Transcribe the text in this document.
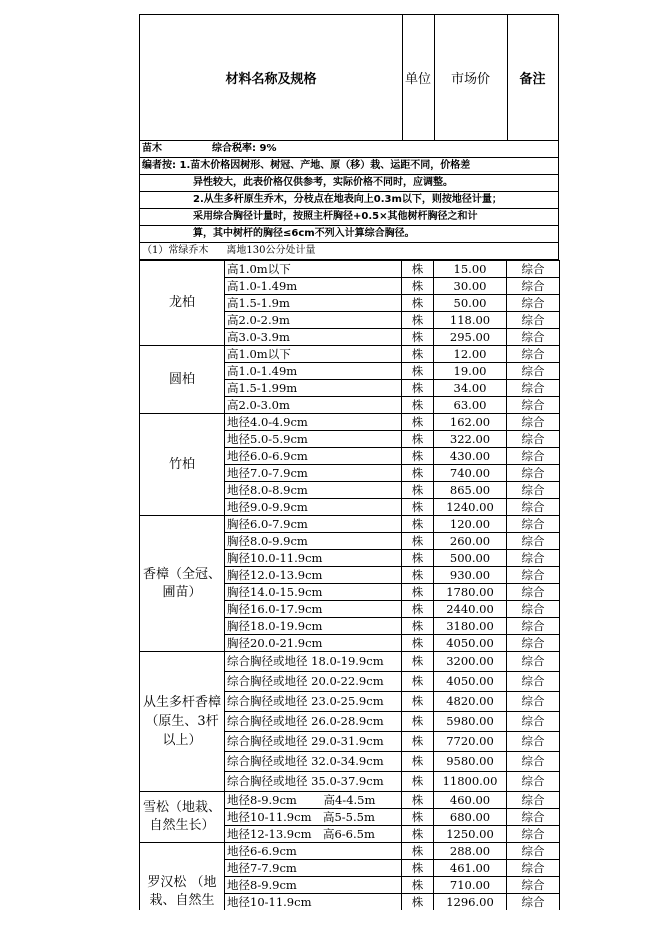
材料名称及规格	单位	市场价	备注
苗木	综合税率: 9%
编者按: 1.苗木价格因树形、树冠、产地、原（移）栽、运距不同，价格差
异性较大，此表价格仅供参考，实际价格不同时，应调整。
2.从生多杆原生乔木，分枝点在地表向上0.3m以下，则按地径计量；
采用综合胸径计量时，按照主杆胸径+0.5×其他树杆胸径之和计
算，其中树杆的胸径≤6cm不列入计算综合胸径。
（1）常绿乔木 离地130公分处计量
龙柏	高1.0m以下	株	15.00	综合
	高1.0-1.49m	株	30.00	综合
	高1.5-1.9m	株	50.00	综合
	高2.0-2.9m	株	118.00	综合
	高3.0-3.9m	株	295.00	综合
圆柏	高1.0m以下	株	12.00	综合
	高1.0-1.49m	株	19.00	综合
	高1.5-1.99m	株	34.00	综合
	高2.0-3.0m	株	63.00	综合
竹柏	地径4.0-4.9cm	株	162.00	综合
	地径5.0-5.9cm	株	322.00	综合
	地径6.0-6.9cm	株	430.00	综合
	地径7.0-7.9cm	株	740.00	综合
	地径8.0-8.9cm	株	865.00	综合
	地径9.0-9.9cm	株	1240.00	综合
香樟（全冠、圃苗）	胸径6.0-7.9cm	株	120.00	综合
	胸径8.0-9.9cm	株	260.00	综合
	胸径10.0-11.9cm	株	500.00	综合
	胸径12.0-13.9cm	株	930.00	综合
	胸径14.0-15.9cm	株	1780.00	综合
	胸径16.0-17.9cm	株	2440.00	综合
	胸径18.0-19.9cm	株	3180.00	综合
	胸径20.0-21.9cm	株	4050.00	综合
从生多杆香樟（原生、3杆以上）	综合胸径或地径 18.0-19.9cm	株	3200.00	综合
	综合胸径或地径 20.0-22.9cm	株	4050.00	综合
	综合胸径或地径 23.0-25.9cm	株	4820.00	综合
	综合胸径或地径 26.0-28.9cm	株	5980.00	综合
	综合胸径或地径 29.0-31.9cm	株	7720.00	综合
	综合胸径或地径 32.0-34.9cm	株	9580.00	综合
	综合胸径或地径 35.0-37.9cm	株	11800.00	综合
雪松（地栽、自然生长）	地径8-9.9cm　　 高4-4.5m	株	460.00	综合
	地径10-11.9cm　高5-5.5m	株	680.00	综合
	地径12-13.9cm　高6-6.5m	株	1250.00	综合
罗汉松 （地栽、自然生	地径6-6.9cm	株	288.00	综合
	地径7-7.9cm	株	461.00	综合
	地径8-9.9cm	株	710.00	综合
	地径10-11.9cm	株	1296.00	综合
